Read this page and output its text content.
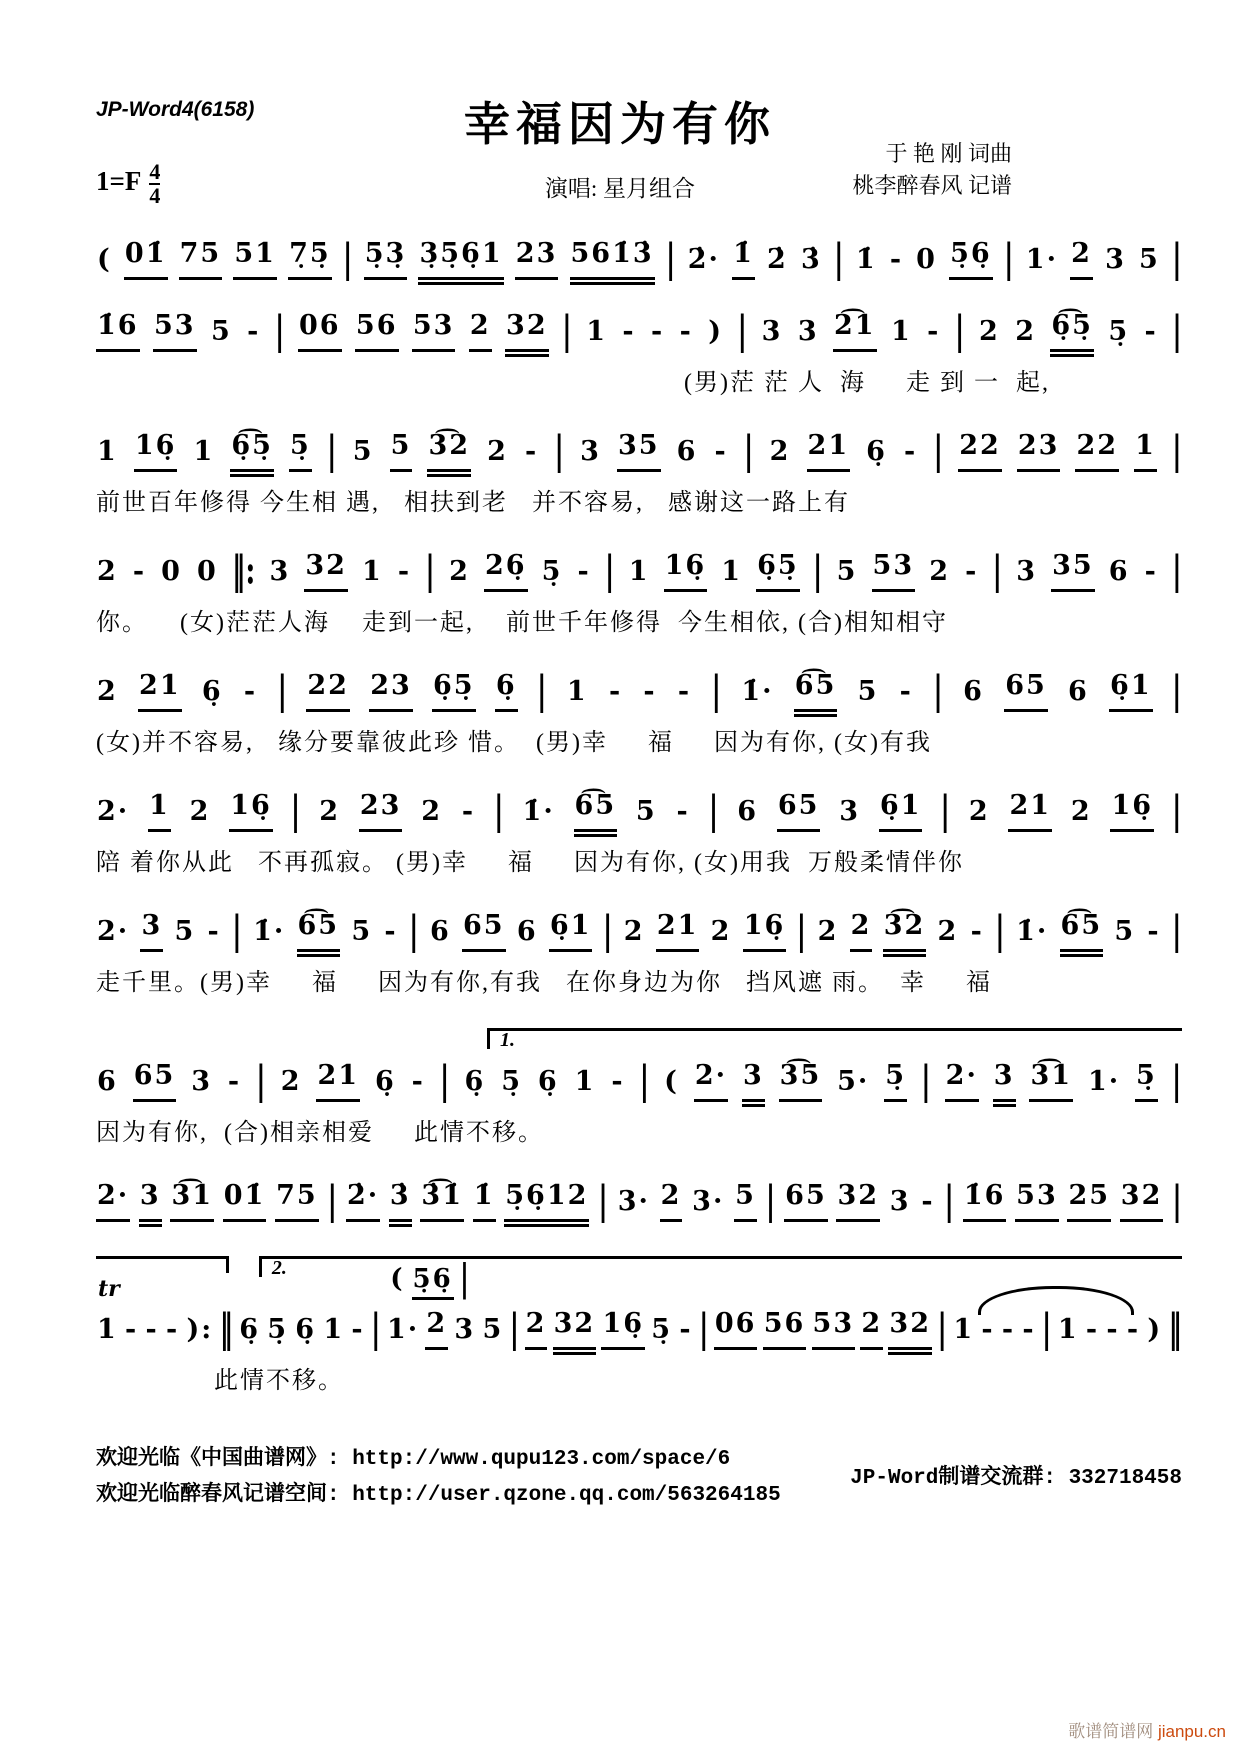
JP-Word4(6158)	幸福因为有你
于 艳 刚 词曲
桃李醉春风 记谱
$1=F \frac{4}{4}$	演唱: 星月组合
( 01̇ 75 51 7̣5̣ | 5̣3̣ 3̣5̣6̣1 23 561̇3̇ | 2̇· 1̇ 2̇ 3̇ | 1̇ - 0 5̣6̣ | 1· 2 3 5 |
1̇6 53 5 - | 06 56 53 2 32 | 1 - - - ) | 3 3 2͡1 1 - | 2 2 6̣͡5̣ 5̣ - |
(男)茫 茫 人  海     走 到 一  起,
1 16̣ 1 6̣͡5̣ 5̣ | 5 5 3͡2 2 - | 3 35 6 - | 2 21 6̣ - | 22 23 22 1 |
前世百年修得 今生相 遇,   相扶到老   并不容易,   感谢这一路上有
2 - 0 0 ‖: 3 32 1 - | 2 26̣ 5̣ - | 1 16̣ 1 6̣5̣ | 5 53 2 - | 3 35 6 - |
你。    (女)茫茫人海    走到一起,    前世千年修得  今生相依, (合)相知相守
2 21 6̣ - | 22 23 6̣5̣ 6̣ | 1 - - - | 1̇· 6͡5 5 - | 6 65 6 6̣1 |
(女)并不容易,   缘分要靠彼此珍 惜。  (男)幸     福     因为有你, (女)有我
2· 1 2 16̣ | 2 23 2 - | 1̇· 6͡5 5 - | 6 65 3 6̣1 | 2 21 2 16̣ |
陪 着你从此   不再孤寂。 (男)幸     福     因为有你, (女)用我  万般柔情伴你
2· 3 5 - | 1̇· 6͡5 5 - | 6 65 6 6̣1 | 2 21 2 16̣ | 2 2 3͡2 2 - | 1̇· 6͡5 5 - |
走千里。(男)幸     福     因为有你,有我   在你身边为你   挡风遮 雨。  幸     福
1.
6 65 3 - | 2 21 6̣ - | 6̣ 5̣ 6̣ 1 - | ( 2· 3 3͡5 5· 5̣ | 2· 3 3͡1 1· 5̣ |
因为有你,  (合)相亲相爱     此情不移。
2· 3 3͡1 01̇ 75 | 2̇· 3̇ 3̇͡1̇ 1̇ 5̣6̣12 | 3· 2 3· 5 | 65 32 3 - | 1̇6 53 25 32 |
2.	( 5̣6̣ |
tr
1 - - - ): ‖ 6̣ 5̣ 6̣ 1 - | 1· 2 3 5 | 2 32 16̣ 5̣ - | 06 56 53 2 32 | 1 - - - | 1 - - - ) ‖
此情不移。
欢迎光临《中国曲谱网》: http://www.qupu123.com/space/6
欢迎光临醉春风记谱空间: http://user.qzone.qq.com/563264185
JP-Word制谱交流群: 332718458
歌谱简谱网 jianpu.cn
